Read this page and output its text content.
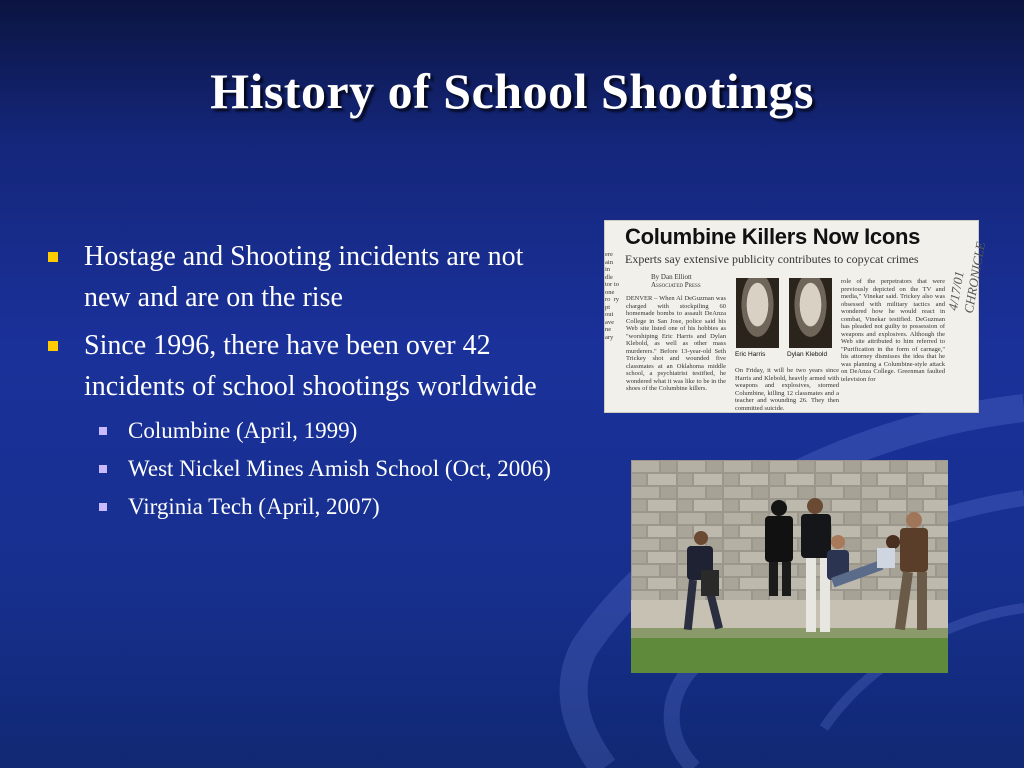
History of School Shootings
Hostage and Shooting incidents are not new and are on the rise
Since 1996, there have been over 42 incidents of school shootings worldwide
Columbine (April, 1999)
West Nickel Mines Amish School (Oct, 2006)
Virginia Tech (April, 2007)
Columbine Killers Now Icons
Experts say extensive publicity contributes to copycat crimes
By Dan Elliott
Associated Press
ere ain in dle tor to one ro ry pt out ave ne ary
DENVER – When Al DeGuzman was charged with stockpiling 60 homemade bombs to assault DeAnza College in San Jose, police said his Web site listed one of his hobbies as "worshiping Eric Harris and Dylan Klebold, as well as other mass murderers." Before 13-year-old Seth Trickey shot and wounded five classmates at an Oklahoma middle school, a psychiatrist testified, he wondered what it was like to be in the shoes of the Columbine killers.
Eric Harris	Dylan Klebold
On Friday, it will be two years since Harris and Klebold, heavily armed with weapons and explosives, stormed Columbine, killing 12 classmates and a teacher and wounding 26. They then committed suicide.
role of the perpetrators that were previously depicted on the TV and media," Vinekar said. Trickey also was obsessed with military tactics and wondered how he would react in combat, Vinekar testified. DeGuzman has pleaded not guilty to possession of weapons and explosives. Although the Web site attributed to him referred to "Purification in the form of carnage," his attorney dismisses the idea that he was planning a Columbine-style attack on DeAnza College. Greenman faulted television for
4/17/01 CHRONICLE
